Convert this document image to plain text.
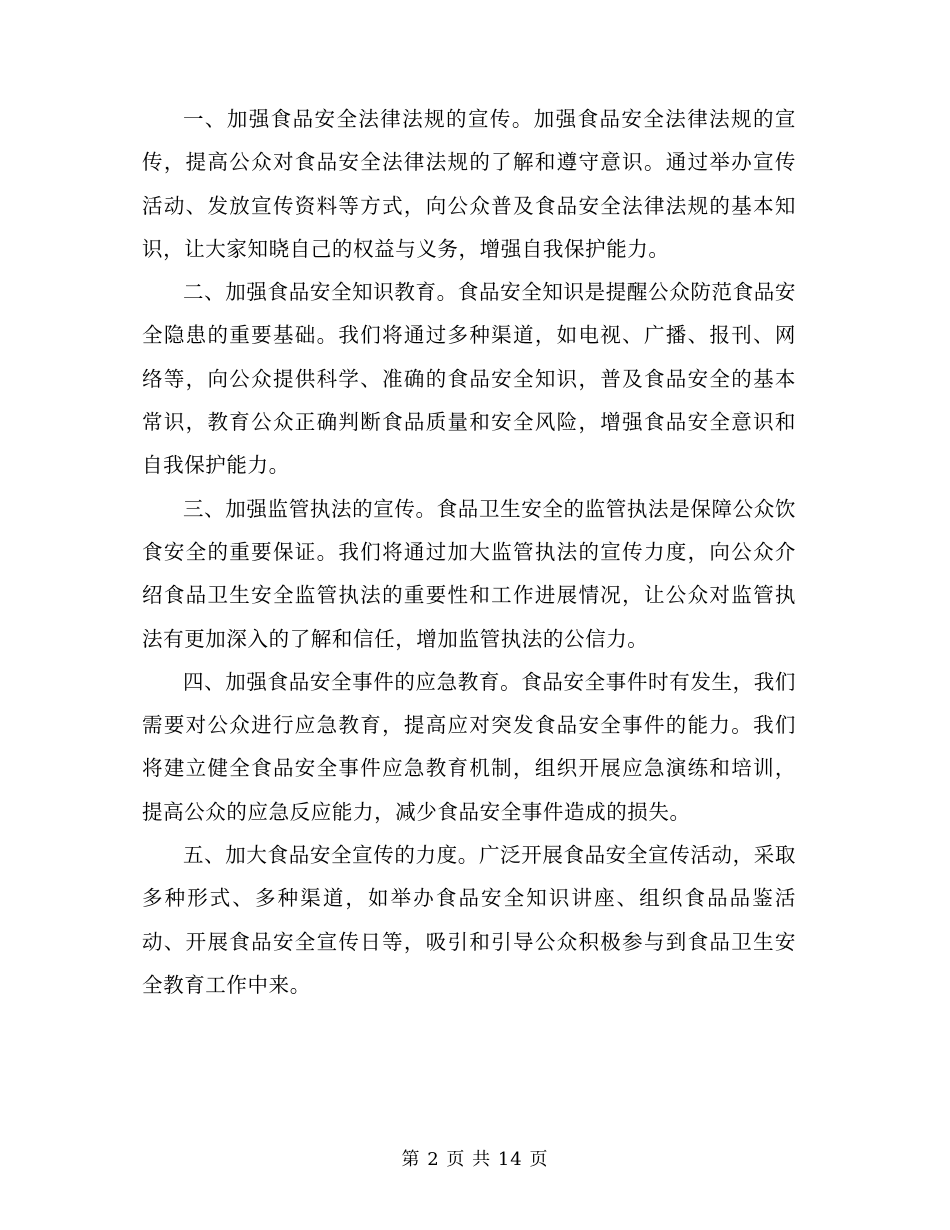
一、加强食品安全法律法规的宣传。加强食品安全法律法规的宣传，提高公众对食品安全法律法规的了解和遵守意识。通过举办宣传活动、发放宣传资料等方式，向公众普及食品安全法律法规的基本知识，让大家知晓自己的权益与义务，增强自我保护能力。

二、加强食品安全知识教育。食品安全知识是提醒公众防范食品安全隐患的重要基础。我们将通过多种渠道，如电视、广播、报刊、网络等，向公众提供科学、准确的食品安全知识，普及食品安全的基本常识，教育公众正确判断食品质量和安全风险，增强食品安全意识和自我保护能力。

三、加强监管执法的宣传。食品卫生安全的监管执法是保障公众饮食安全的重要保证。我们将通过加大监管执法的宣传力度，向公众介绍食品卫生安全监管执法的重要性和工作进展情况，让公众对监管执法有更加深入的了解和信任，增加监管执法的公信力。

四、加强食品安全事件的应急教育。食品安全事件时有发生，我们需要对公众进行应急教育，提高应对突发食品安全事件的能力。我们将建立健全食品安全事件应急教育机制，组织开展应急演练和培训，提高公众的应急反应能力，减少食品安全事件造成的损失。

五、加大食品安全宣传的力度。广泛开展食品安全宣传活动，采取多种形式、多种渠道，如举办食品安全知识讲座、组织食品品鉴活动、开展食品安全宣传日等，吸引和引导公众积极参与到食品卫生安全教育工作中来。

第 2 页 共 14 页
